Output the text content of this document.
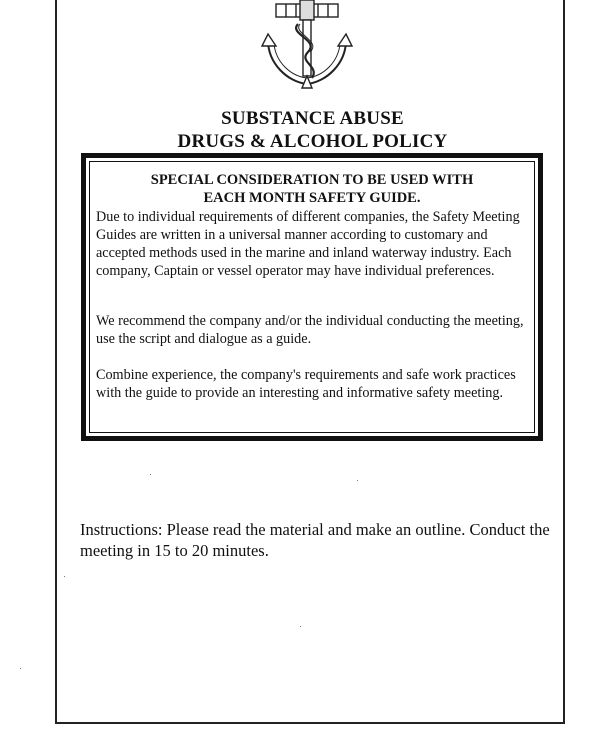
SUBSTANCE ABUSE
DRUGS & ALCOHOL POLICY
SPECIAL CONSIDERATION TO BE USED WITH
EACH MONTH SAFETY GUIDE.
Due to individual requirements of different companies, the Safety Meeting Guides are written in a universal manner according to customary and accepted methods used in the marine and inland waterway industry. Each company, Captain or vessel operator may have individual preferences.
We recommend the company and/or the individual conducting the meeting, use the script and dialogue as a guide.
Combine experience, the company's requirements and safe work practices with the guide to provide an interesting and informative safety meeting.
Instructions: Please read the material and make an outline. Conduct the meeting in 15 to 20 minutes.
